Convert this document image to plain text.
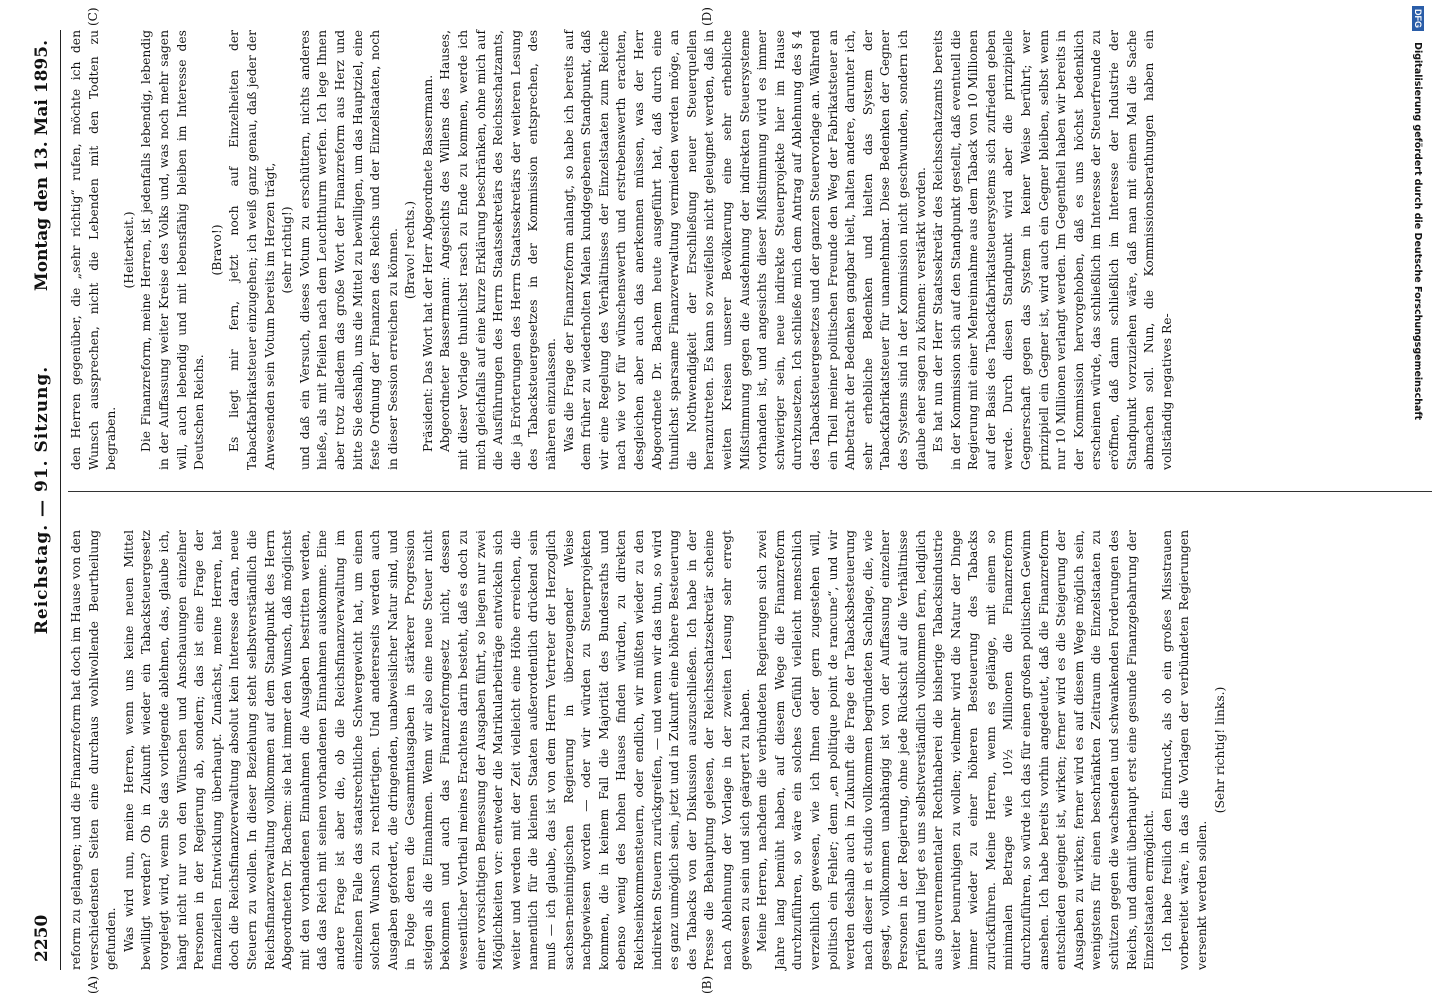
2250
Reichstag. — 91. Sitzung.
Montag den 13. Mai 1895.
(A)	(B)
(C)	(D)

reform zu gelangen; und die Finanzreform hat doch im Hause von den verschiedensten Seiten eine durchaus wohlwollende Beurtheilung gefunden. Was wird nun, meine Herren, wenn uns keine neuen Mittel bewilligt werden? Ob in Zukunft wieder ein Tabacksteuergesetz vorgelegt wird, wenn Sie das vorliegende ablehnen, das, glaube ich, hängt nicht nur von den Wünschen und Anschauungen einzelner Personen in der Regierung ab, sondern; das ist eine Frage der finanziellen Entwicklung überhaupt. Zunächst, meine Herren, hat doch die Reichsfinanzverwaltung absolut kein Interesse daran, neue Steuern zu wollen. In dieser Beziehung steht selbstverständlich die Reichsfinanzverwaltung vollkommen auf dem Standpunkt des Herrn Abgeordneten Dr. Bachem: sie hat immer den Wunsch, daß möglichst mit den vorhandenen Einnahmen die Ausgaben bestritten werden, daß das Reich mit seinen vorhandenen Einnahmen auskomme. Eine andere Frage ist aber die, ob die Reichsfinanzverwaltung im einzelnen Falle das staatsrechtliche Schwergewicht hat, um einen solchen Wunsch zu rechtfertigen. Und andererseits werden auch Ausgaben gefordert, die dringenden, unabweislicher Natur sind, und in Folge deren die Gesammtausgaben in stärkerer Progression steigen als die Einnahmen. Wenn wir also eine neue Steuer nicht bekommen und auch das Finanzreformgesetz nicht, dessen wesentlicher Vortheil meines Erachtens darin besteht, daß es doch zu einer vorsichtigen Bemessung der Ausgaben führt, so liegen nur zwei Möglichkeiten vor: entweder die Matrikularbeiträge entwickeln sich weiter und werden mit der Zeit vielleicht eine Höhe erreichen, die namentlich für die kleinen Staaten außerordentlich drückend sein muß — ich glaube, das ist von dem Herrn Vertreter der Herzoglich sachsen-meiningischen Regierung in überzeugender Weise nachgewiesen worden — oder wir würden zu Steuerprojekten kommen, die in keinem Fall die Majorität des Bundesraths und ebenso wenig des hohen Hauses finden würden, zu direkten Reichseinkommensteuern, oder endlich, wir müßten wieder zu den indirekten Steuern zurückgreifen, — und wenn wir das thun, so wird es ganz unmöglich sein, jetzt und in Zukunft eine höhere Besteuerung des Tabacks von der Diskussion auszuschließen. Ich habe in der Presse die Behauptung gelesen, der Reichsschatzsekretär scheine nach Ablehnung der Vorlage in der zweiten Lesung sehr erregt gewesen zu sein und sich geärgert zu haben. Meine Herren, nachdem die verbündeten Regierungen sich zwei Jahre lang bemüht haben, auf diesem Wege die Finanzreform durchzuführen, so wäre ein solches Gefühl vielleicht menschlich verzeihlich gewesen, wie ich Ihnen oder gern zugestehen will, politisch ein Fehler; denn „en politique point de rancune“, und wir werden deshalb auch in Zukunft die Frage der Tabacksbesteuerung nach dieser in et studio vollkommen begründeten Sachlage, die, wie gesagt, vollkommen unabhängig ist von der Auffassung einzelner Personen in der Regierung, ohne jede Rücksicht auf die Verhältnisse prüfen und liegt es uns selbstverständlich vollkommen fern, lediglich aus gouvernementaler Rechthaberei die bisherige Tabacksindustrie weiter beunruhigen zu wollen; vielmehr wird die Natur der Dinge immer wieder zu einer höheren Besteuerung des Tabacks zurückführen. Meine Herren, wenn es gelänge, mit einem so minimalen Betrage wie 10½ Millionen die Finanzreform durchzuführen, so würde ich das für einen großen politischen Gewinn ansehen. Ich habe bereits vorhin angedeutet, daß die Finanzreform entschieden geeignet ist, wirken; ferner wird es die Steigerung der Ausgaben zu wirken; ferner wird es auf diesem Wege möglich sein, wenigstens für einen beschränkten Zeitraum die Einzelstaaten zu schützen gegen die wachsenden und schwankenden Forderungen des Reichs, und damit überhaupt erst eine gesunde Finanzgebahrung der Einzelstaaten ermöglicht. Ich habe freilich den Eindruck, als ob ein großes Misstrauen vorbereitet wäre, in das die Vorlagen der verbündeten Regierungen versenkt werden sollen.

(Sehr richtig! links.)

den Herren gegenüber, die „sehr richtig“ rufen, möchte ich den Wunsch aussprechen, nicht die Lebenden mit den Todten zu begraben.

(Heiterkeit.) Die Finanzreform, meine Herren, ist jedenfalls lebendig, lebendig in der Auffassung weiter Kreise des Volks und, was noch mehr sagen will, auch lebendig und mit lebensfähig bleiben im Interesse des Deutschen Reichs.

(Bravo!) Es liegt mir fern, jetzt noch auf Einzelheiten der Tabackfabrikatsteuer einzugehen; ich weiß ganz genau, daß jeder der Anwesenden sein Votum bereits im Herzen trägt, (sehr richtig!) und daß ein Versuch, dieses Votum zu erschüttern, nichts anderes hieße, als mit Pfeilen nach dem Leuchtthurm werfen. Ich lege Ihnen aber trotz alledem das große Wort der Finanzreform aus Herz und bitte Sie deshalb, uns die Mittel zu bewilligen, um das Hauptziel, eine feste Ordnung der Finanzen des Reichs und der Einzelstaaten, noch in dieser Session erreichen zu können. (Bravo! rechts.) Präsident: Das Wort hat der Herr Abgeordnete Bassermann. Abgeordneter Bassermann: Angesichts des Willens des Hauses, mit dieser Vorlage thunlichst rasch zu Ende zu kommen, werde ich mich gleichfalls auf eine kurze Erklärung beschränken, ohne mich auf die Ausführungen des Herrn Staatssekretärs des Reichsschatzamts, die ja Erörterungen des Herrn Staatssekretärs der weiteren Lesung des Tabacksteuergesetzes in der Kommission entsprechen, des näheren einzulassen. Was die Frage der Finanzreform anlangt, so habe ich bereits auf dem früher zu wiederholten Malen kundgegebenen Standpunkt, daß wir eine Regelung des Verhältnisses der Einzelstaaten zum Reiche nach wie vor für wünschenswerth und erstrebenswerth erachten, desgleichen aber auch das anerkennen müssen, was der Herr Abgeordnete Dr. Bachem heute ausgeführt hat, daß durch eine thunlichst sparsame Finanzverwaltung vermieden werden möge, an die Nothwendigkeit der Erschließung neuer Steuerquellen heranzutreten. Es kann so zweifellos nicht geleugnet werden, daß in weiten Kreisen unserer Bevölkerung eine sehr erhebliche Mißstimmung gegen die Ausdehnung der indirekten Steuersysteme vorhanden ist, und angesichts dieser Mißstimmung wird es immer schwieriger sein, neue indirekte Steuerprojekte hier im Hause durchzusetzen. Ich schließe mich dem Antrag auf Ablehnung des § 4 des Tabacksteuergesetzes und der ganzen Steuervorlage an. Während ein Theil meiner politischen Freunde den Weg der Fabrikatsteuer an Anbetracht der Bedenken gangbar hielt, halten andere, darunter ich, sehr erhebliche Bedenken und hielten das System der Tabackfabrikatsteuer für unannehmbar. Diese Bedenken der Gegner des Systems sind in der Kommission nicht geschwunden, sondern ich glaube eher sagen zu können: verstärkt worden. Es hat nun der Herr Staatssekretär des Reichsschatzamts bereits in der Kommission sich auf den Standpunkt gestellt, daß eventuell die Regierung mit einer Mehreinnahme aus dem Taback von 10 Millionen auf der Basis des Tabackfabrikatsteuersystems sich zufrieden geben werde. Durch diesen Standpunkt wird aber die prinzipielle Gegnerschaft gegen das System in keiner Weise berührt; wer prinzipiell ein Gegner ist, wird auch ein Gegner bleiben, selbst wenn nur 10 Millionen verlangt werden. Im Gegentheil haben wir bereits in der Kommission hervorgehoben, daß es uns höchst bedenklich erscheinen würde, das schließlich im Interesse der Steuerfreunde zu eröffnen, daß dann schließlich im Interesse der Industrie der Standpunkt vorzuziehen wäre, daß man mit einem Mal die Sache abmachen soll. Nun, die Kommissionsberathungen haben ein vollständig negatives Re-

DFG Digitalisierung gefördert durch die Deutsche Forschungsgemeinschaft
